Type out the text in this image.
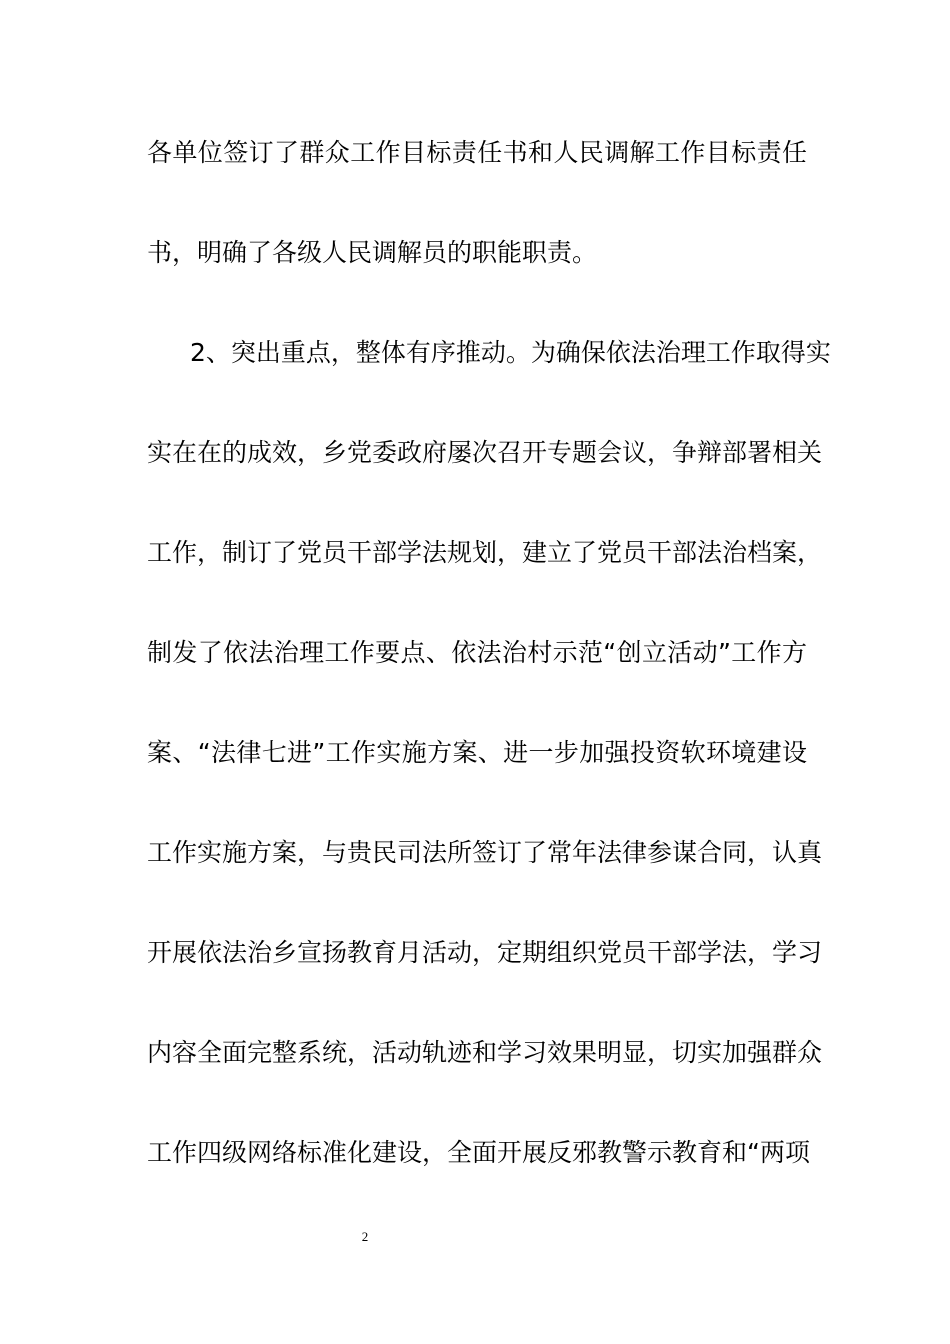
各单位签订了群众工作目标责任书和人民调解工作目标责任
书，明确了各级人民调解员的职能职责。
2、突出重点，整体有序推动。为确保依法治理工作取得实
实在在的成效，乡党委政府屡次召开专题会议，争辩部署相关
工作，制订了党员干部学法规划，建立了党员干部法治档案，
制发了依法治理工作要点、依法治村示范“创立活动”工作方
案、“法律七进”工作实施方案、进一步加强投资软环境建设
工作实施方案，与贵民司法所签订了常年法律参谋合同，认真
开展依法治乡宣扬教育月活动，定期组织党员干部学法，学习
内容全面完整系统，活动轨迹和学习效果明显，切实加强群众
工作四级网络标准化建设，全面开展反邪教警示教育和“两项
2
